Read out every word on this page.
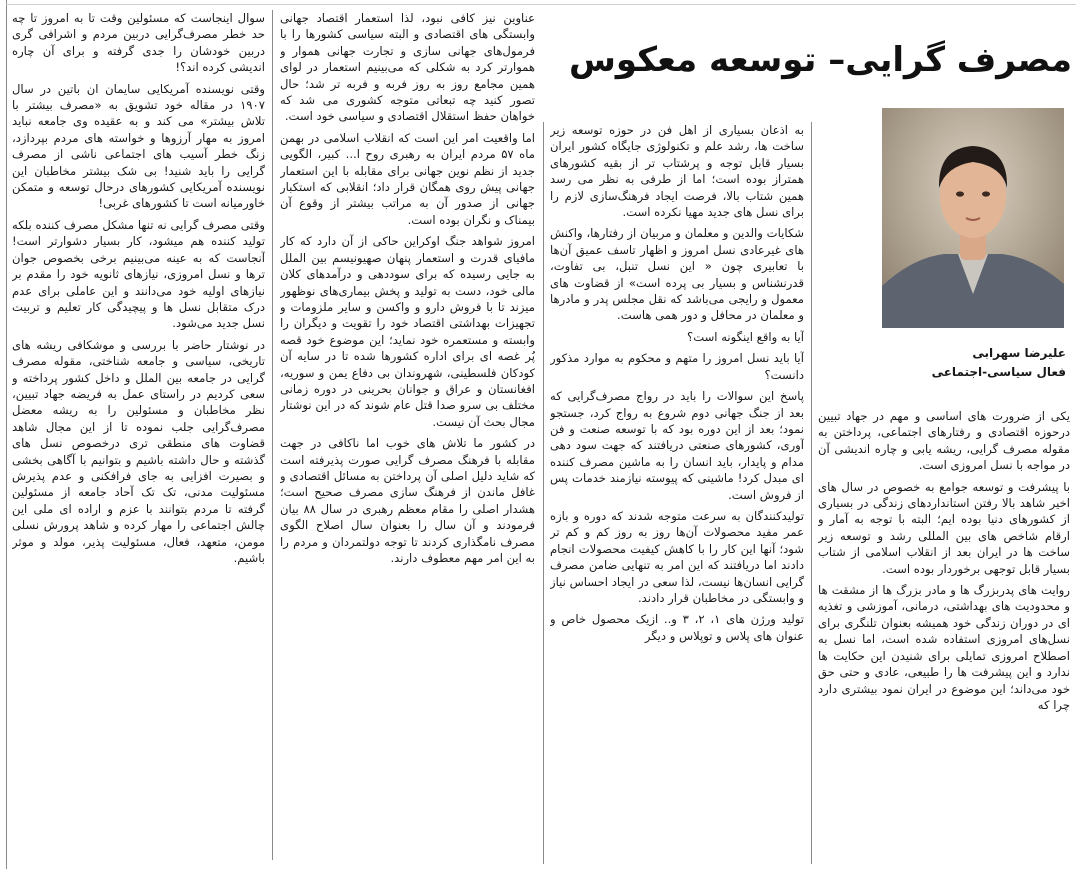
مصرف گرایی– توسعه معکوس
علیرضا سهرابی
فعال سیاسی-اجتماعی

یکی از ضرورت های اساسی و مهم در جهاد تبیین درحوزه اقتصادی و رفتارهای اجتماعی، پرداختن به مقوله مصرف گرایی، ریشه یابی و چاره اندیشی آن در مواجه با نسل امروزی است.

با پیشرفت و توسعه جوامع به خصوص در سال های اخیر شاهد بالا رفتن استانداردهای زندگی در بسیاری از کشورهای دنیا بوده ایم؛ البته با توجه به آمار و ارقام شاخص های بین المللی رشد و توسعه زیر ساخت ها در ایران بعد از انقلاب اسلامی از شتاب بسیار قابل توجهی برخوردار بوده است.

روایت های پدربزرگ ها و مادر بزرگ ها از مشقت ها و محدودیت های بهداشتی، درمانی، آموزشی و تغذیه ای در دوران زندگی خود همیشه بعنوان تلنگری برای نسل‌های امروزی استفاده شده است، اما نسل به اصطلاح امروزی تمایلی برای شنیدن این حکایت ها ندارد و این پیشرفت ها را طبیعی، عادی و حتی حق خود می‌داند؛ این موضوع در ایران نمود بیشتری دارد چرا که

به اذعان بسیاری از اهل فن در حوزه توسعه زیر ساخت ها، رشد علم و تکنولوژی جایگاه کشور ایران بسیار قابل توجه و پرشتاب تر از بقیه کشورهای همتراز بوده است؛ اما از طرفی به نظر می رسد همین شتاب بالا، فرصت ایجاد فرهنگ‌سازی لازم را برای نسل های جدید مهیا نکرده است.

شکایات والدین و معلمان و مربیان از رفتارها، واکنش های غیرعادی نسل امروز و اظهار تاسف عمیق آن‌ها با تعابیری چون « این نسل تنبل، بی تفاوت، قدرنشناس و بسیار بی پرده است» از قضاوت های معمول و رایجی می‌باشد که نقل مجلس پدر و مادرها و معلمان در محافل و دور همی هاست.

آیا به واقع اینگونه است؟

آیا باید نسل امروز را متهم و محکوم به موارد مذکور دانست؟

پاسخ این سوالات را باید در رواج مصرف‌گرایی که بعد از جنگ جهانی دوم شروع به رواج کرد، جستجو نمود؛ بعد از این دوره بود که با توسعه صنعت و فن آوری، کشورهای صنعتی دریافتند که جهت سود دهی مدام و پایدار، باید انسان را به ماشین مصرف کننده ای مبدل کرد! ماشینی که پیوسته نیازمند خدمات پس از فروش است.

تولیدکنندگان به سرعت متوجه شدند که دوره و بازه عمر مفید محصولات آن‌ها روز به روز کم و کم تر شود؛ آنها این کار را با کاهش کیفیت محصولات انجام دادند اما دریافتند که این امر به تنهایی ضامن مصرف گرایی انسان‌ها نیست، لذا سعی در ایجاد احساس نیاز و وابستگی در مخاطبان قرار دادند.

تولید ورژن های ۱، ۲، ۳ و.. ازیک محصول خاص و عنوان های پلاس و توپلاس و دیگر

عناوین نیز کافی نبود، لذا استعمار اقتصاد جهانی وابستگی های اقتصادی و البته سیاسی کشورها را با فرمول‌های جهانی سازی و تجارت جهانی هموار و هموارتر کرد به شکلی که می‌بینیم استعمار در لوای همین مجامع روز به روز فربه و فربه تر شد؛ حال تصور کنید چه تبعاتی متوجه کشوری می شد که خواهان حفظ استقلال اقتصادی و سیاسی خود است.

اما واقعیت امر این است که انقلاب اسلامی در بهمن ماه ۵۷ مردم ایران به رهبری روح ا... کبیر، الگویی جدید از نظم نوین جهانی برای مقابله با این استعمار جهانی پیش روی همگان قرار داد؛ انقلابی که استکبار جهانی از صدور آن به مراتب بیشتر از وقوع آن بیمناک و نگران بوده است.

امروز شواهد جنگ اوکراین حاکی از آن دارد که کار مافیای قدرت و استعمار پنهان صهیونیسم بین الملل به جایی رسیده که برای سوددهی و درآمدهای کلان مالی خود، دست به تولید و پخش بیماری‌های نوظهور میزند تا با فروش دارو و واکسن و سایر ملزومات و تجهیزات بهداشتی اقتصاد خود را تقویت و دیگران را وابسته و مستعمره خود نماید؛ این موضوع خود قصه پُر غصه ای برای اداره کشورها شده تا در سایه آن کودکان فلسطینی، شهروندان بی دفاع یمن و سوریه، افغانستان و عراق و جوانان بحرینی در دوره زمانی مختلف بی سرو صدا قتل عام شوند که در این نوشتار مجال بحث آن نیست.

در کشور ما تلاش های خوب اما ناکافی در جهت مقابله با فرهنگ مصرف گرایی صورت پذیرفته است که شاید دلیل اصلی آن پرداختن به مسائل اقتصادی و غافل ماندن از فرهنگ سازی مصرف صحیح است؛ هشدار اصلی را مقام معظم رهبری در سال ۸۸ بیان فرمودند و آن سال را بعنوان سال اصلاح الگوی مصرف نامگذاری کردند تا توجه دولتمردان و مردم را به این امر مهم معطوف دارند.

سوال اینجاست که مسئولین وقت تا به امروز تا چه حد خطر مصرف‌گرایی دربین مردم و اشرافی گری دربین خودشان را جدی گرفته و برای آن چاره اندیشی کرده اند؟!

وقتی نویسنده آمریکایی سایمان ان باتین در سال ۱۹۰۷ در مقاله خود تشویق به «مصرف بیشتر با تلاش بیشتر» می کند و به عقیده وی جامعه نباید امروز به مهار آرزوها و خواسته های مردم بپردازد، زنگ خطر آسیب های اجتماعی ناشی از مصرف گرایی را باید شنید! بی شک بیشتر مخاطبان این نویسنده آمریکایی کشورهای درحال توسعه و متمکن خاورمیانه است تا کشورهای غربی!

وقتی مصرف گرایی نه تنها مشکل مصرف کننده بلکه تولید کننده هم میشود، کار بسیار دشوارتر است! آنجاست که به عینه می‌بینیم برخی بخصوص جوان ترها و نسل امروزی، نیازهای ثانویه خود را مقدم بر نیازهای اولیه خود می‌دانند و این عاملی برای عدم درک متقابل نسل ها و پیچیدگی کار تعلیم و تربیت نسل جدید می‌شود.

در نوشتار حاضر با بررسی و موشکافی ریشه های تاریخی، سیاسی و جامعه شناختی، مقوله مصرف گرایی در جامعه بین الملل و داخل کشور پرداخته و سعی کردیم در راستای عمل به فریضه جهاد تبیین، نظر مخاطبان و مسئولین را به ریشه معضل مصرف‌گرایی جلب نموده تا از این مجال شاهد قضاوت های منطقی تری درخصوص نسل های گذشته و حال داشته باشیم و بتوانیم با آگاهی بخشی و بصیرت افزایی به جای فرافکنی و عدم پذیرش مسئولیت مدنی، تک تک آحاد جامعه از مسئولین گرفته تا مردم بتوانند با عزم و اراده ای ملی این چالش اجتماعی را مهار کرده و شاهد پرورش نسلی مومن، متعهد، فعال، مسئولیت پذیر، مولد و موثر باشیم.
